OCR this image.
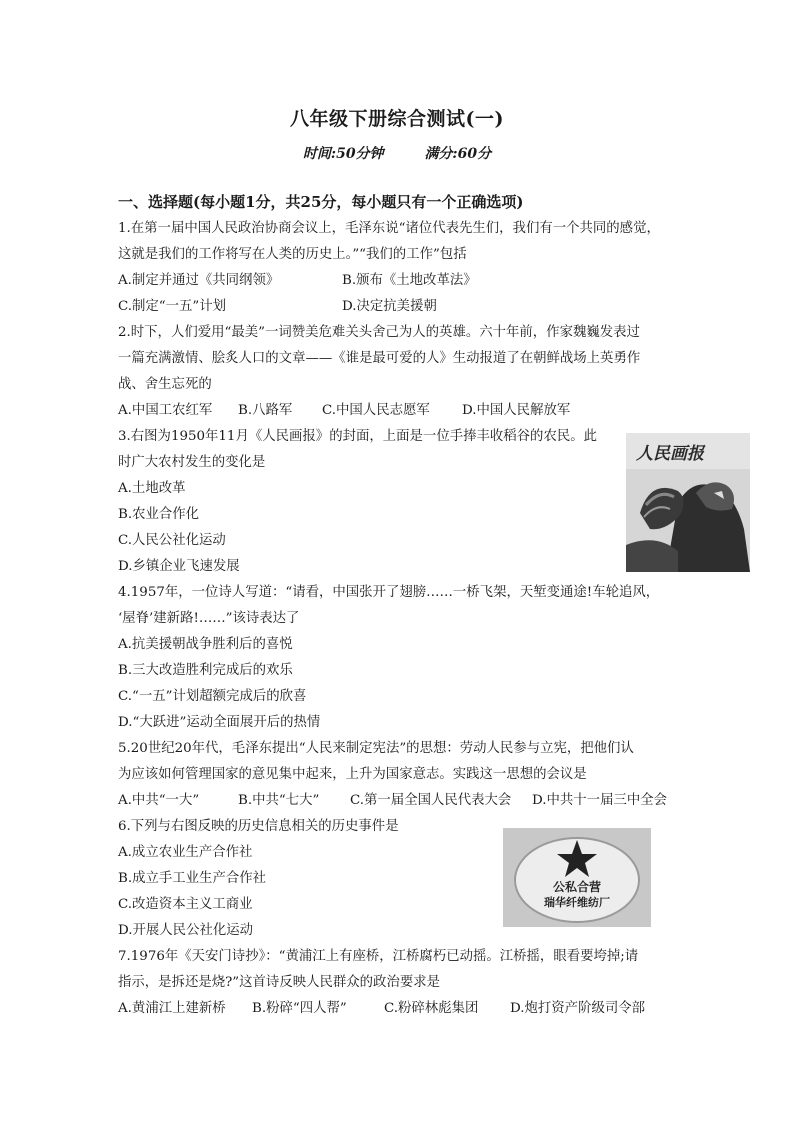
八年级下册综合测试(一)
时间:50分钟	满分:60分
一、选择题(每小题1分，共25分，每小题只有一个正确选项)
1.在第一届中国人民政治协商会议上，毛泽东说“诸位代表先生们，我们有一个共同的感觉，
这就是我们的工作将写在人类的历史上。”“我们的工作”包括
A.制定并通过《共同纲领》	B.颁布《土地改革法》
C.制定“一五”计划	D.决定抗美援朝
2.时下，人们爱用“最美”一词赞美危难关头舍己为人的英雄。六十年前，作家魏巍发表过
一篇充满激情、脍炙人口的文章——《谁是最可爱的人》生动报道了在朝鲜战场上英勇作
战、舍生忘死的
A.中国工农红军 B.八路军 C.中国人民志愿军 D.中国人民解放军
3.右图为1950年11月《人民画报》的封面，上面是一位手捧丰收稻谷的农民。此
时广大农村发生的变化是
A.土地改革
B.农业合作化
C.人民公社化运动
D.乡镇企业飞速发展
人民画报
4.1957年，一位诗人写道：“请看，中国张开了翅膀……一桥飞架，天堑变通途!车轮追风，
‘屋脊’建新路!……”该诗表达了
A.抗美援朝战争胜利后的喜悦
B.三大改造胜利完成后的欢乐
C.“一五”计划超额完成后的欣喜
D.“大跃进”运动全面展开后的热情
5.20世纪20年代，毛泽东提出“人民来制定宪法”的思想：劳动人民参与立宪，把他们认
为应该如何管理国家的意见集中起来，上升为国家意志。实践这一思想的会议是
A.中共“一大”	B.中共“七大” C.第一届全国人民代表大会 D.中共十一届三中全会
6.下列与右图反映的历史信息相关的历史事件是
A.成立农业生产合作社
B.成立手工业生产合作社
C.改造资本主义工商业
D.开展人民公社化运动
公私合营
瑞华纤维纺厂
7.1976年《天安门诗抄》：“黄浦江上有座桥，江桥腐朽已动摇。江桥摇，眼看要垮掉;请
指示，是拆还是烧?”这首诗反映人民群众的政治要求是
A.黄浦江上建新桥 B.粉碎“四人帮”	C.粉碎林彪集团 D.炮打资产阶级司令部
